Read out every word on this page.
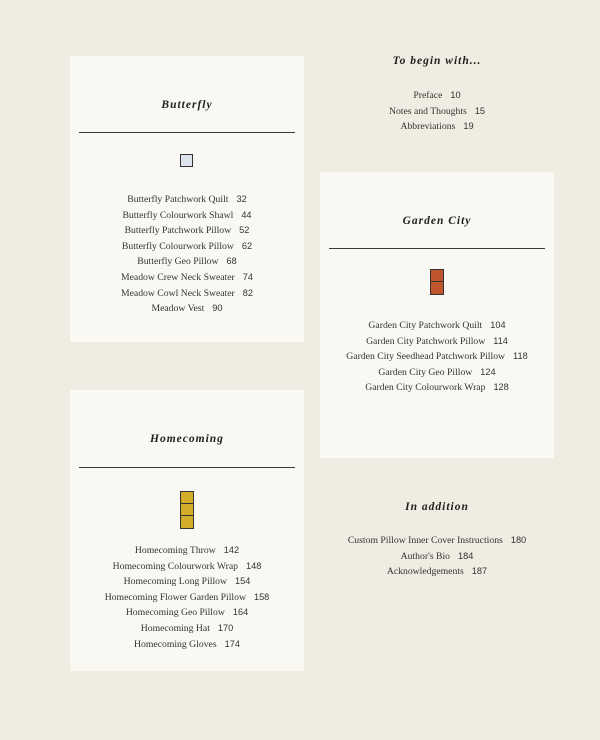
To begin with...
Preface 10
Notes and Thoughts 15
Abbreviations 19
Butterfly
Butterfly Patchwork Quilt 32
Butterfly Colourwork Shawl 44
Butterfly Patchwork Pillow 52
Butterfly Colourwork Pillow 62
Butterfly Geo Pillow 68
Meadow Crew Neck Sweater 74
Meadow Cowl Neck Sweater 82
Meadow Vest 90
Garden City
Garden City Patchwork Quilt 104
Garden City Patchwork Pillow 114
Garden City Seedhead Patchwork Pillow 118
Garden City Geo Pillow 124
Garden City Colourwork Wrap 128
Homecoming
Homecoming Throw 142
Homecoming Colourwork Wrap 148
Homecoming Long Pillow 154
Homecoming Flower Garden Pillow 158
Homecoming Geo Pillow 164
Homecoming Hat 170
Homecoming Gloves 174
In addition
Custom Pillow Inner Cover Instructions 180
Author's Bio 184
Acknowledgements 187
